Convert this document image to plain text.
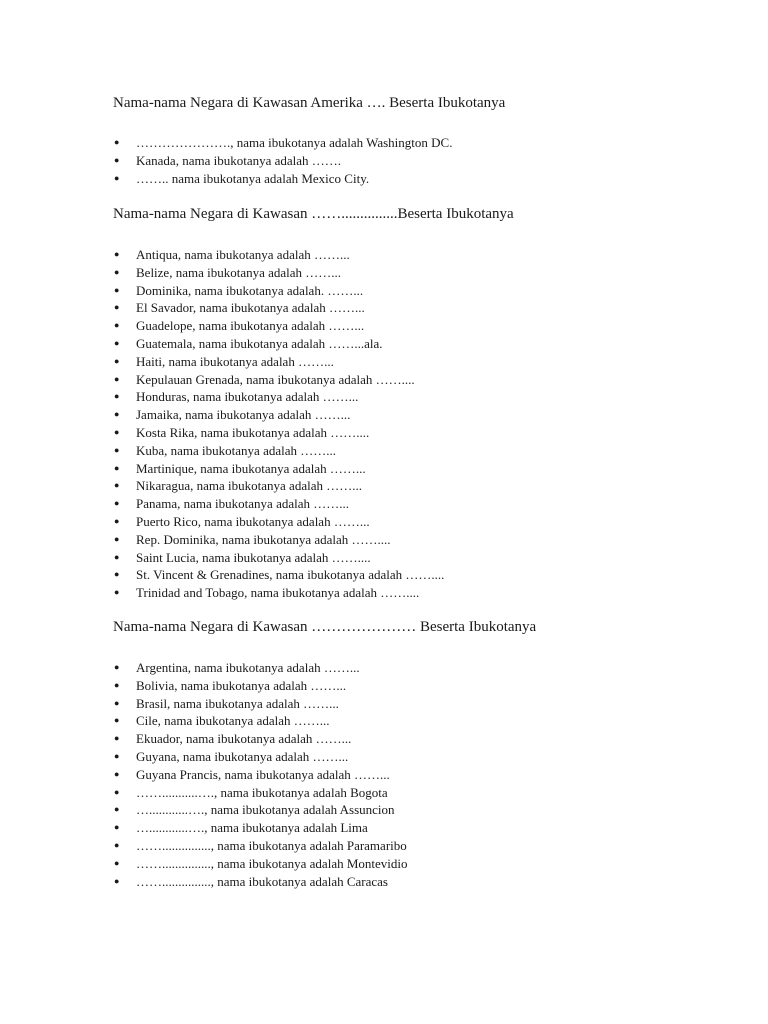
Nama-nama Negara di Kawasan Amerika …. Beserta Ibukotanya
● …………………., nama ibukotanya adalah Washington DC.
● Kanada, nama ibukotanya adalah …….
● …….. nama ibukotanya adalah Mexico City.
Nama-nama Negara di Kawasan ……...............Beserta Ibukotanya
● Antiqua, nama ibukotanya adalah ……...
● Belize, nama ibukotanya adalah ……...
● Dominika, nama ibukotanya adalah. ……...
● El Savador, nama ibukotanya adalah ……...
● Guadelope, nama ibukotanya adalah ……...
● Guatemala, nama ibukotanya adalah ……...ala.
● Haiti, nama ibukotanya adalah ……...
● Kepulauan Grenada, nama ibukotanya adalah ……....
● Honduras, nama ibukotanya adalah ……...
● Jamaika, nama ibukotanya adalah ……...
● Kosta Rika, nama ibukotanya adalah ……....
● Kuba, nama ibukotanya adalah ……...
● Martinique, nama ibukotanya adalah ……...
● Nikaragua, nama ibukotanya adalah ……...
● Panama, nama ibukotanya adalah ……...
● Puerto Rico, nama ibukotanya adalah ……...
● Rep. Dominika, nama ibukotanya adalah ……....
● Saint Lucia, nama ibukotanya adalah ……....
● St. Vincent & Grenadines, nama ibukotanya adalah ……....
● Trinidad and Tobago, nama ibukotanya adalah ……....
Nama-nama Negara di Kawasan ………………… Beserta Ibukotanya
● Argentina, nama ibukotanya adalah ……...
● Bolivia, nama ibukotanya adalah ……...
● Brasil, nama ibukotanya adalah ……...
● Cile, nama ibukotanya adalah ……...
● Ekuador, nama ibukotanya adalah ……...
● Guyana, nama ibukotanya adalah ……...
● Guyana Prancis, nama ibukotanya adalah ……...
● ……...........…., nama ibukotanya adalah Bogota
● …............…., nama ibukotanya adalah Assuncion
● …............…., nama ibukotanya adalah Lima
● ……..............., nama ibukotanya adalah Paramaribo
● ……..............., nama ibukotanya adalah Montevidio
● ……..............., nama ibukotanya adalah Caracas
